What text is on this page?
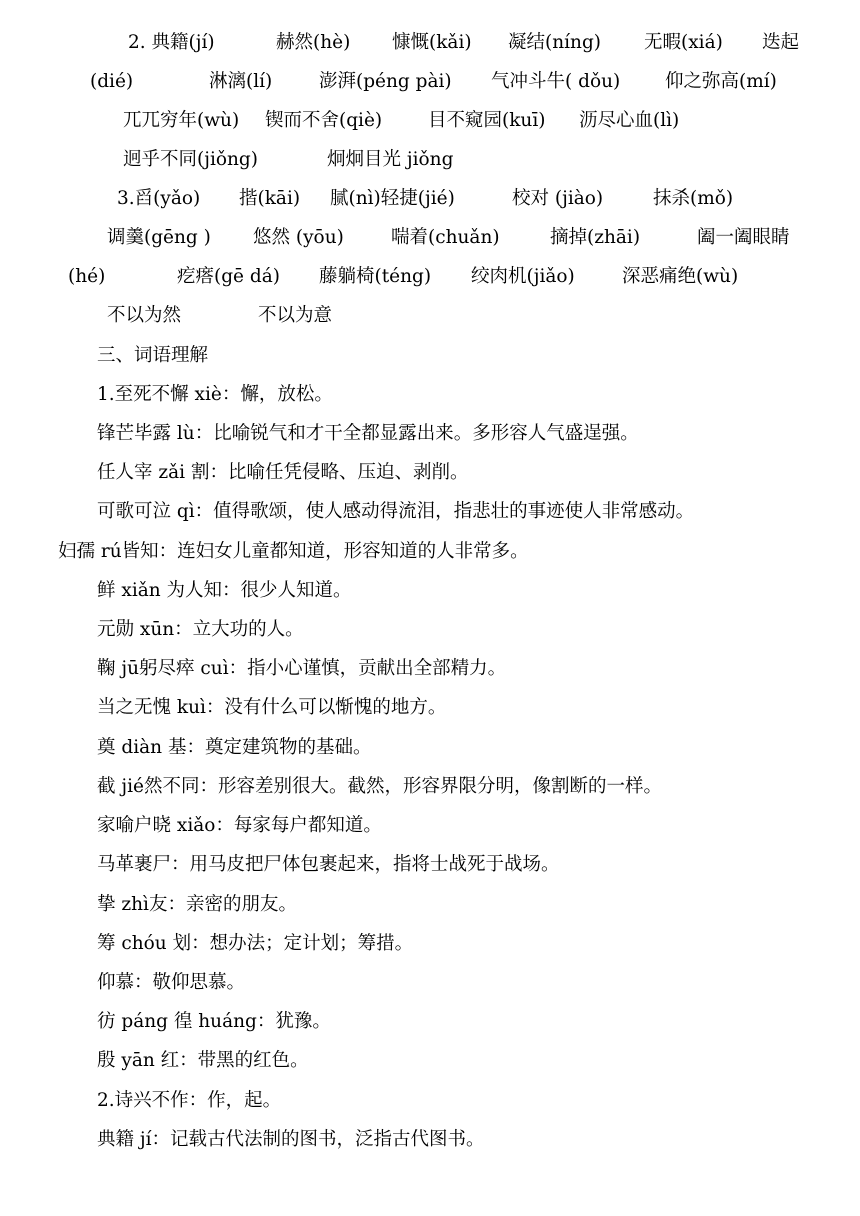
2. 典籍(jí)	赫然(hè) 慷慨(kǎi) 凝结(níng) 无暇(xiá) 迭起
(dié)	淋漓(lí)	澎湃(péng pài) 气冲斗牛( dǒu) 仰之弥高(mí)
兀兀穷年(wù) 锲而不舍(qiè) 目不窥园(kuī) 沥尽心血(lì)
迥乎不同(jiǒng)	炯炯目光 jiǒng
3.舀(yǎo) 揩(kāi) 腻(nì)轻捷(jié)	校对 (jiào)	抹杀(mǒ)
调羹(gēng ) 悠然 (yōu)	喘着(chuǎn)	摘掉(zhāi)	阖一阖眼睛
(hé)	疙瘩(gē dá) 藤躺椅(téng) 绞肉机(jiǎo)	深恶痛绝(wù)
不以为然	不以为意
三、词语理解
1.至死不懈 xiè：懈，放松。
锋芒毕露 lù：比喻锐气和才干全都显露出来。多形容人气盛逞强。
任人宰 zǎi 割：比喻任凭侵略、压迫、剥削。
可歌可泣 qì：值得歌颂，使人感动得流泪，指悲壮的事迹使人非常感动。
妇孺 rú皆知：连妇女儿童都知道，形容知道的人非常多。
鲜 xiǎn 为人知：很少人知道。
元勋 xūn：立大功的人。
鞠 jū躬尽瘁 cuì：指小心谨慎，贡献出全部精力。
当之无愧 kuì：没有什么可以惭愧的地方。
奠 diàn 基：奠定建筑物的基础。
截 jié然不同：形容差别很大。截然，形容界限分明，像割断的一样。
家喻户晓 xiǎo：每家每户都知道。
马革裹尸：用马皮把尸体包裹起来，指将士战死于战场。
挚 zhì友：亲密的朋友。
筹 chóu 划：想办法；定计划；筹措。
仰慕：敬仰思慕。
彷 páng 徨 huáng：犹豫。
殷 yān 红：带黑的红色。
2.诗兴不作：作，起。
典籍 jí：记载古代法制的图书，泛指古代图书。
